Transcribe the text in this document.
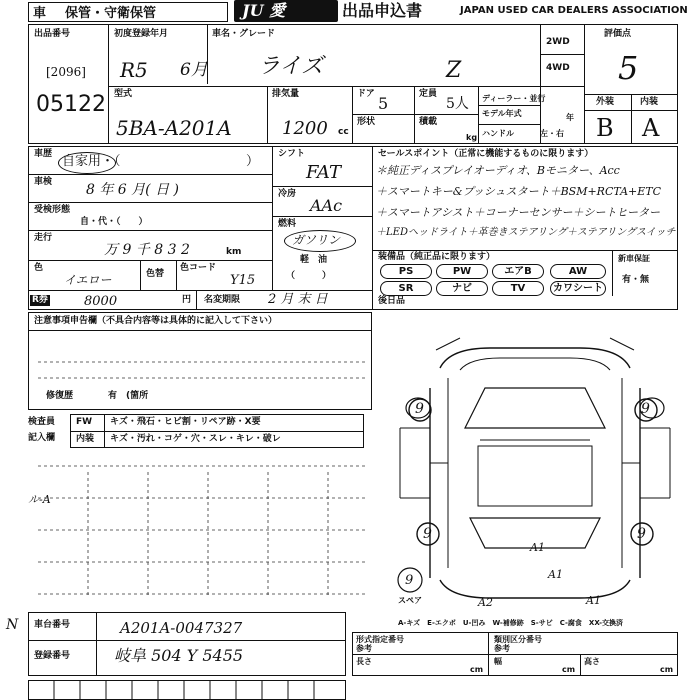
車 保管・守衛保管	JU 愛	出品申込書	JAPAN USED CAR DEALERS ASSOCIATION
出品番号
[2096]
05122
初度登録年月
R5 6月
車名・グレード
ライズ	Z
2WD
4WD
評価点
5
外装	内装
B A
型式
5BA-A201A
排気量
1200 cc
ドア 5	定員
5人
形状	積載
kg
ディーラー・並行
モデル年式	年
ハンドル	左・右
車歴 自家用・（	）
車検 8 年 6 月( 日 )
受検形態
自・代・（　　）
走行
万 9 千 8 3 2	km
色
イエロー	色替
色コード
Y15
シフト
FAT
冷房
AAc
燃料
ガソリン
軽　油
（　　　）
R券	8000	円 名変期限 2 月 末 日
セールスポイント（正常に機能するものに限ります）
＊純正ディスプレイオーディオ、Bモニター、Acc
＋スマートキー&プッシュスタート＋BSM+RCTA+ETC
＋スマートアシスト＋コーナーセンサー＋シートヒーター
＋LEDヘッドライト＋革巻きステアリング＋ステアリングスイッチ
装備品（純正品に限ります）
PS	PW	エアB	AW
SR	ナビ	TV	カワシート
新車保証
有・無
注意事項申告欄（不具合内容等は具体的に記入して下さい）
修復歴	有　(箇所
後日品
検査員
記入欄
FW キズ・飛石・ヒビ割・リペア跡・X要
内装 キズ・汚れ・コゲ・穴・スレ・キレ・破レ
ル-A
9	9
9	9
9
A1
A1
A2
A1
スペア
A-キズ　E-エクボ　U-凹み　W-補修跡　S-サビ　C-腐食　XX-交換済
車台番号	A201A-0047327
登録番号	岐阜 504 Y 5455
N
形式指定番号
参考
類別区分番号
参考
長さ
cm
幅
cm
高さ
cm
